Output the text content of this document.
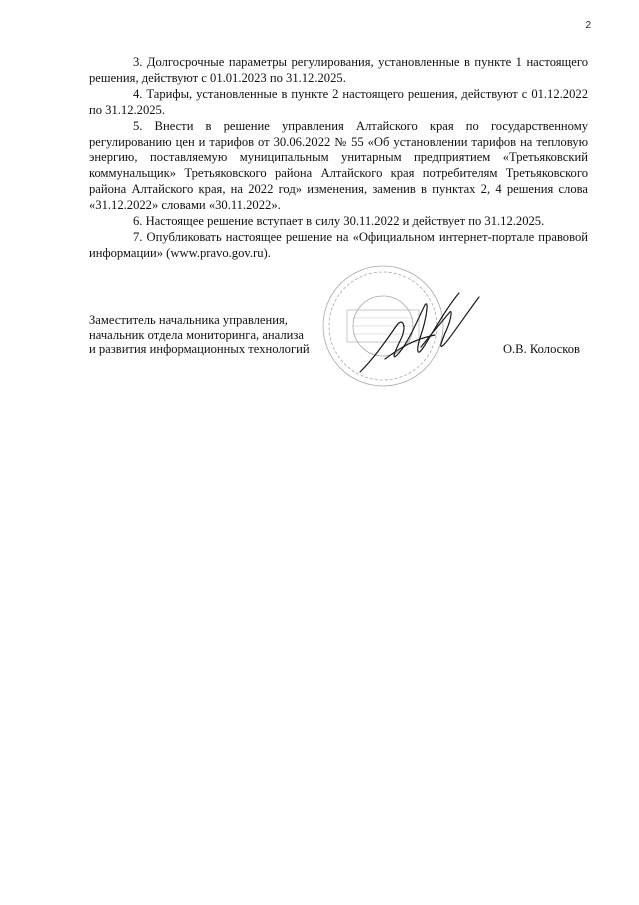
2

3. Долгосрочные параметры регулирования, установленные в пункте 1 настоящего решения, действуют с 01.01.2023 по 31.12.2025.

4. Тарифы, установленные в пункте 2 настоящего решения, действуют с 01.12.2022 по 31.12.2025.

5. Внести в решение управления Алтайского края по государственному регулированию цен и тарифов от 30.06.2022 № 55 «Об установлении тарифов на тепловую энергию, поставляемую муниципальным унитарным предприятием «Третьяковский коммунальщик» Третьяковского района Алтайского края потребителям Третьяковского района Алтайского края, на 2022 год» изменения, заменив в пунктах 2, 4 решения слова «31.12.2022» словами «30.11.2022».

6. Настоящее решение вступает в силу 30.11.2022 и действует по 31.12.2025.

7. Опубликовать настоящее решение на «Официальном интернет-портале правовой информации» (www.pravo.gov.ru).

Заместитель начальника управления,

начальник отдела мониторинга, анализа

и развития информационных технологий	О.В. Колосков
